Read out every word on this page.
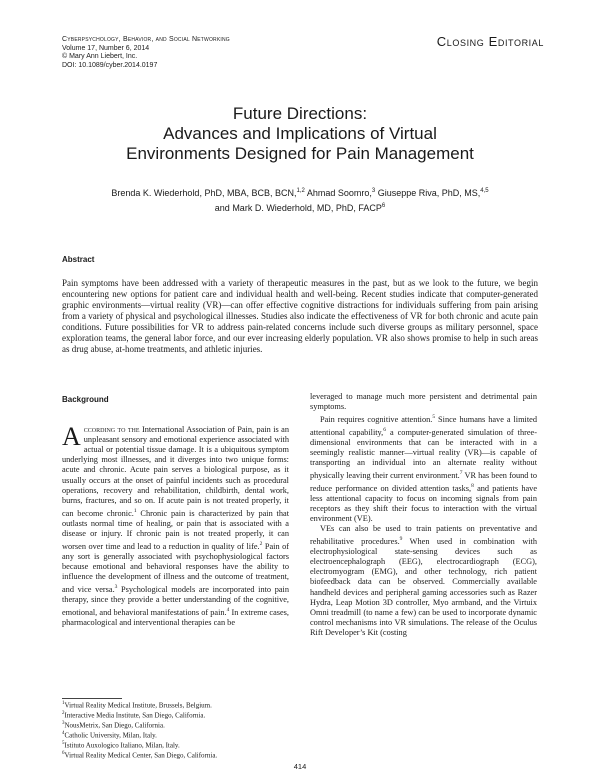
Cyberpsychology, Behavior, and Social Networking
Volume 17, Number 6, 2014
© Mary Ann Liebert, Inc.
DOI: 10.1089/cyber.2014.0197
Closing Editorial
Future Directions:
Advances and Implications of Virtual
Environments Designed for Pain Management
Brenda K. Wiederhold, PhD, MBA, BCB, BCN,$^{1,2}$ Ahmad Soomro,$^3$ Giuseppe Riva, PhD, MS,$^{4,5}$
and Mark D. Wiederhold, MD, PhD, FACP$^6$
Abstract
Pain symptoms have been addressed with a variety of therapeutic measures in the past, but as we look to the future, we begin encountering new options for patient care and individual health and well-being. Recent studies indicate that computer-generated graphic environments—virtual reality (VR)—can offer effective cognitive distractions for individuals suffering from pain arising from a variety of physical and psychological illnesses. Studies also indicate the effectiveness of VR for both chronic and acute pain conditions. Future possibilities for VR to address pain-related concerns include such diverse groups as military personnel, space exploration teams, the general labor force, and our ever increasing elderly population. VR also shows promise to help in such areas as drug abuse, at-home treatments, and athletic injuries.
Background

According to the International Association of Pain, pain is an unpleasant sensory and emotional experience associated with actual or potential tissue damage. It is a ubiquitous symptom underlying most illnesses, and it diverges into two unique forms: acute and chronic. Acute pain serves a biological purpose, as it usually occurs at the onset of painful incidents such as procedural operations, recovery and rehabilitation, childbirth, dental work, burns, fractures, and so on. If acute pain is not treated properly, it can become chronic.$^1$ Chronic pain is characterized by pain that outlasts normal time of healing, or pain that is associated with a disease or injury. If chronic pain is not treated properly, it can worsen over time and lead to a reduction in quality of life.$^2$ Pain of any sort is generally associated with psychophysiological factors because emotional and behavioral responses have the ability to influence the development of illness and the outcome of treatment, and vice versa.$^3$ Psychological models are incorporated into pain therapy, since they provide a better understanding of the cognitive, emotional, and behavioral manifestations of pain.$^4$ In extreme cases, pharmacological and interventional therapies can be

leveraged to manage much more persistent and detrimental pain symptoms.

Pain requires cognitive attention.$^5$ Since humans have a limited attentional capability,$^6$ a computer-generated simulation of three-dimensional environments that can be interacted with in a seemingly realistic manner—virtual reality (VR)—is capable of transporting an individual into an alternate reality without physically leaving their current environment.$^7$ VR has been found to reduce performance on divided attention tasks,$^8$ and patients have less attentional capacity to focus on incoming signals from pain receptors as they shift their focus to interaction with the virtual environment (VE).

VEs can also be used to train patients on preventative and rehabilitative procedures.$^9$ When used in combination with electrophysiological state-sensing devices such as electroencephalograph (EEG), electrocardiograph (ECG), electromyogram (EMG), and other technology, rich patient biofeedback data can be observed. Commercially available handheld devices and peripheral gaming accessories such as Razer Hydra, Leap Motion 3D controller, Myo armband, and the Virtuix Omni treadmill (to name a few) can be used to incorporate dynamic control mechanisms into VR simulations. The release of the Oculus Rift Developer’s Kit (costing

$^1$Virtual Reality Medical Institute, Brussels, Belgium.
$^2$Interactive Media Institute, San Diego, California.
$^3$NousMetrix, San Diego, California.
$^4$Catholic University, Milan, Italy.
$^5$Istituto Auxologico Italiano, Milan, Italy.
$^6$Virtual Reality Medical Center, San Diego, California.
414
